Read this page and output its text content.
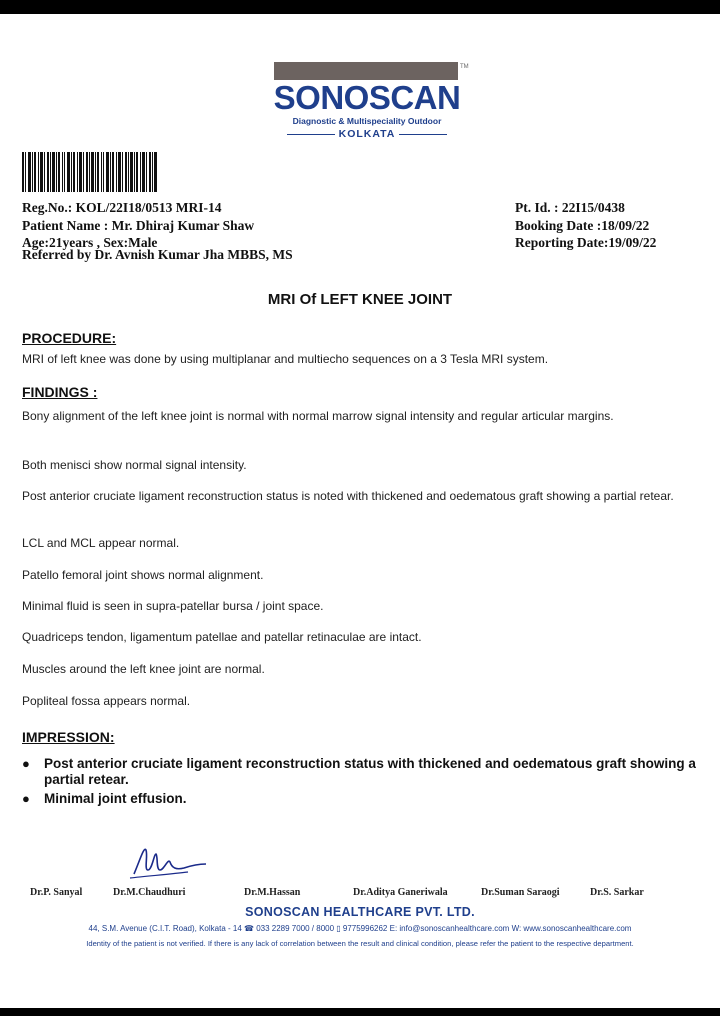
TM
SONOSCAN
Diagnostic & Multispeciality Outdoor
KOLKATA
Reg.No.: KOL/22I18/0513 MRI-14
Patient Name : Mr. Dhiraj Kumar Shaw
Age:21years , Sex:Male
Referred by Dr. Avnish Kumar Jha MBBS, MS
Pt. Id. : 22I15/0438
Booking Date :18/09/22
Reporting Date:19/09/22
MRI Of LEFT KNEE JOINT
PROCEDURE:
MRI of left knee was done by using multiplanar and multiecho sequences on a 3 Tesla MRI system.
FINDINGS :
Bony alignment of the left knee joint is normal with normal marrow signal intensity and regular articular margins.
Both menisci show normal signal intensity.
Post anterior cruciate ligament reconstruction status is noted with thickened and oedematous graft showing a partial retear.
LCL and MCL appear normal.
Patello femoral joint shows normal alignment.
Minimal fluid is seen in supra-patellar bursa / joint space.
Quadriceps tendon, ligamentum patellae and patellar retinaculae are intact.
Muscles around the left knee joint are normal.
Popliteal fossa appears normal.
IMPRESSION:
● Post anterior cruciate ligament reconstruction status with thickened and oedematous graft showing a partial retear.
● Minimal joint effusion.
Dr.P. Sanyal	Dr.M.Chaudhuri	Dr.M.Hassan	Dr.Aditya Ganeriwala	Dr.Suman Saraogi	Dr.S. Sarkar
SONOSCAN HEALTHCARE PVT. LTD.
44, S.M. Avenue (C.I.T. Road), Kolkata - 14 ☎ 033 2289 7000 / 8000 ▯ 9775996262 E: info@sonoscanhealthcare.com W: www.sonoscanhealthcare.com
Identity of the patient is not verified. If there is any lack of correlation between the result and clinical condition, please refer the patient to the respective department.
